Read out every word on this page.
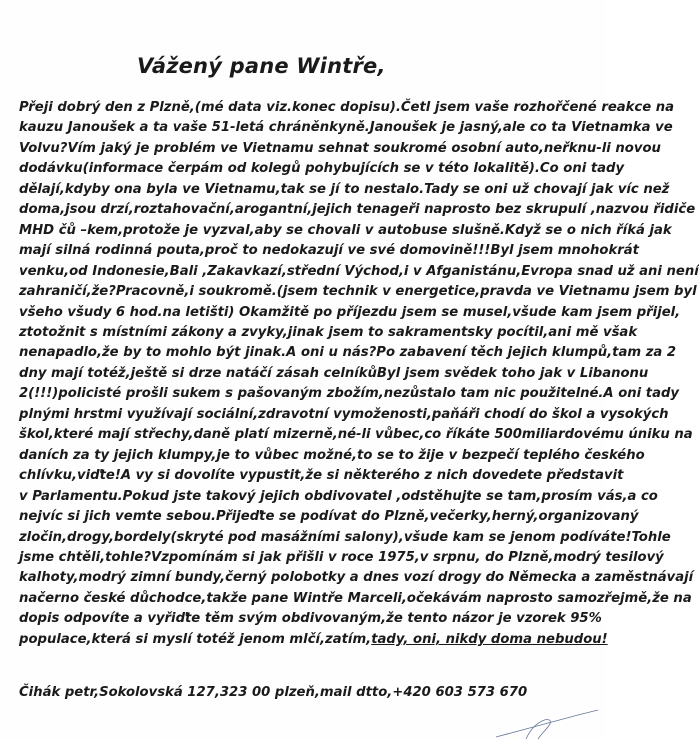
Vážený pane Wintře,
Přeji dobrý den z Plzně,(mé data viz.konec dopisu).Četl jsem vaše rozhořčené reakce na
kauzu Janoušek a ta vaše 51-letá chráněnkyně.Janoušek je jasný,ale co ta Vietnamka ve
Volvu?Vím jaký je problém ve Vietnamu sehnat soukromé osobní auto,neřknu-li novou
dodávku(informace čerpám od kolegů pohybujících se v této lokalitě).Co oni tady
dělají,kdyby ona byla ve Vietnamu,tak se jí to nestalo.Tady se oni už chovají jak víc než
doma,jsou drzí,roztahovační,arogantní,jejich tenageři naprosto bez skrupulí ,nazvou řidiče
MHD čů –kem,protože je vyzval,aby se chovali v autobuse slušně.Když se o nich říká jak
mají silná rodinná pouta,proč to nedokazují ve své domovině!!!Byl jsem mnohokrát
venku,od Indonesie,Bali ,Zakavkazí,střední Východ,i v Afganistánu,Evropa snad už ani není
zahraničí,že?Pracovně,i soukromě.(jsem technik v energetice,pravda ve Vietnamu jsem byl
všeho všudy 6 hod.na letišti) Okamžitě po příjezdu jsem se musel,všude kam jsem přijel,
ztotožnit s místními zákony a zvyky,jinak jsem to sakramentsky pocítil,ani mě však
nenapadlo,že by to mohlo být jinak.A oni u nás?Po zabavení těch jejich klumpů,tam za 2
dny mají totéž,ještě si drze natáčí zásah celníkůByl jsem svědek toho jak v Libanonu
2(!!!)policisté prošli sukem s pašovaným zbožím,nezůstalo tam nic použitelné.A oni tady
plnými hrstmi využívají sociální,zdravotní vymoženosti,paňáři chodí do škol a vysokých
škol,které mají střechy,daně platí mizerně,né-li vůbec,co říkáte 500miliardovému úniku na
daních za ty jejich klumpy,je to vůbec možné,to se to žije v bezpečí teplého českého
chlívku,viďte!A vy si dovolíte vypustit,že si některého z nich dovedete představit
v Parlamentu.Pokud jste takový jejich obdivovatel ,odstěhujte se tam,prosím vás,a co
nejvíc si jich vemte sebou.Přijeďte se podívat do Plzně,večerky,herný,organizovaný
zločin,drogy,bordely(skryté pod masážními salony),všude kam se jenom podíváte!Tohle
jsme chtěli,tohle?Vzpomínám si jak přišli v roce 1975,v srpnu, do Plzně,modrý tesilový
kalhoty,modrý zimní bundy,černý polobotky a dnes vozí drogy do Německa a zaměstnávají
načerno české důchodce,takže pane Wintře Marceli,očekávám naprosto samozřejmě,že na
dopis odpovíte a vyřiďte těm svým obdivovaným,že tento názor je vzorek 95%
populace,která si myslí totéž jenom mlčí,zatím,tady, oni, nikdy doma nebudou!
Čihák petr,Sokolovská 127,323 00 plzeň,mail dtto,+420 603 573 670
